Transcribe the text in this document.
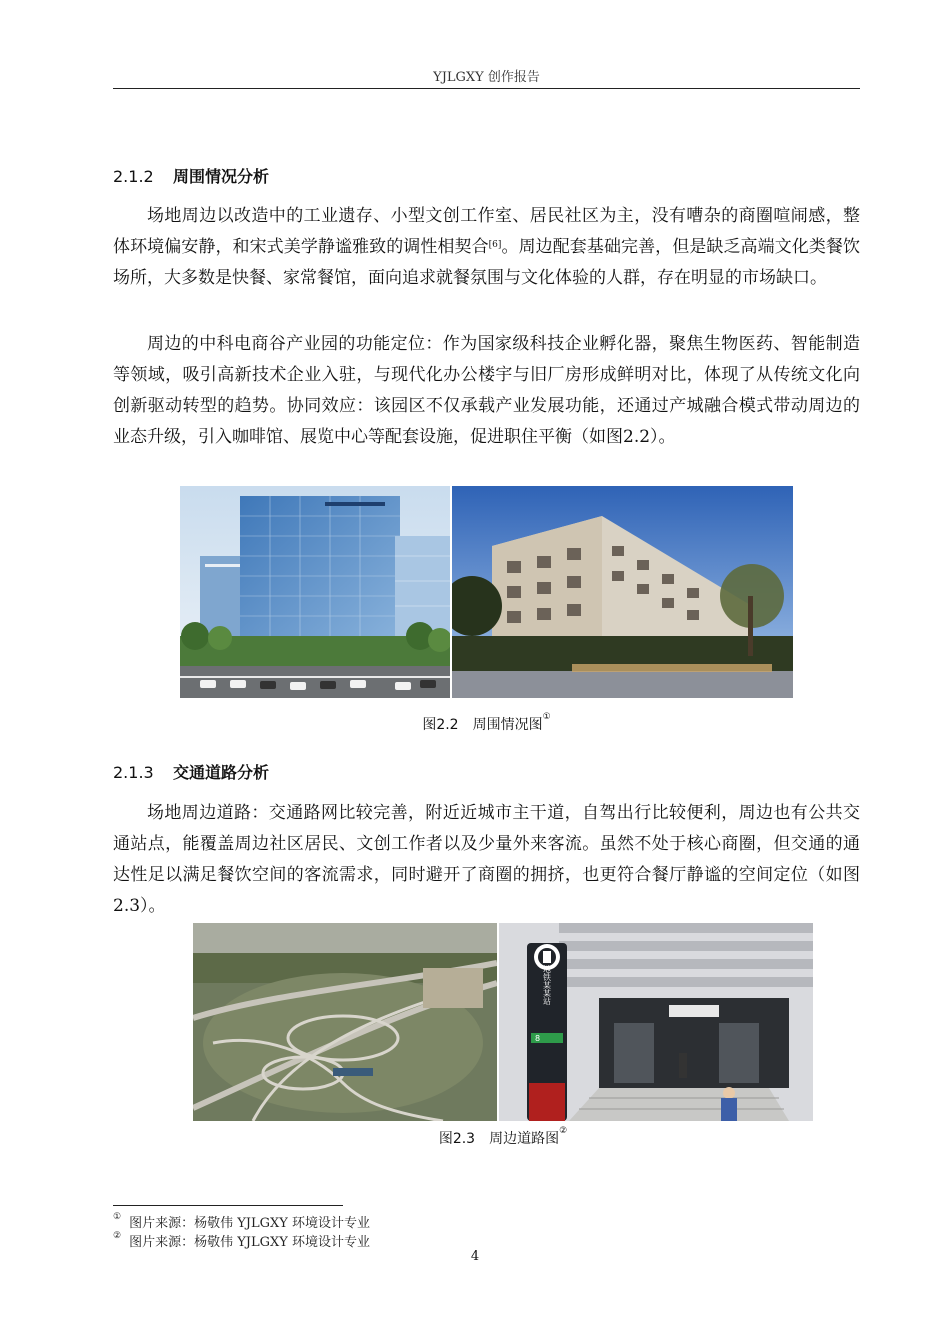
YJLGXY 创作报告
2.1.2 周围情况分析

场地周边以改造中的工业遗存、小型文创工作室、居民社区为主，没有嘈杂的商圈喧闹感，整体环境偏安静，和宋式美学静谧雅致的调性相契合[6]。周边配套基础完善，但是缺乏高端文化类餐饮场所，大多数是快餐、家常餐馆，面向追求就餐氛围与文化体验的人群，存在明显的市场缺口。

周边的中科电商谷产业园的功能定位：作为国家级科技企业孵化器，聚焦生物医药、智能制造等领域，吸引高新技术企业入驻，与现代化办公楼宇与旧厂房形成鲜明对比，体现了从传统文化向创新驱动转型的趋势。协同效应：该园区不仅承载产业发展功能，还通过产城融合模式带动周边的业态升级，引入咖啡馆、展览中心等配套设施，促进职住平衡（如图2.2）。

图2.2　周围情况图①
2.1.3 交通道路分析

场地周边道路：交通路网比较完善，附近近城市主干道，自驾出行比较便利，周边也有公共交通站点，能覆盖周边社区居民、文创工作者以及少量外来客流。虽然不处于核心商圈，但交通的通达性足以满足餐饮空间的客流需求，同时避开了商圈的拥挤，也更符合餐厅静谧的空间定位（如图2.3）。

地铁某某站
8
图2.3　周边道路图②
① 图片来源：杨敬伟 YJLGXY 环境设计专业
② 图片来源：杨敬伟 YJLGXY 环境设计专业
4
